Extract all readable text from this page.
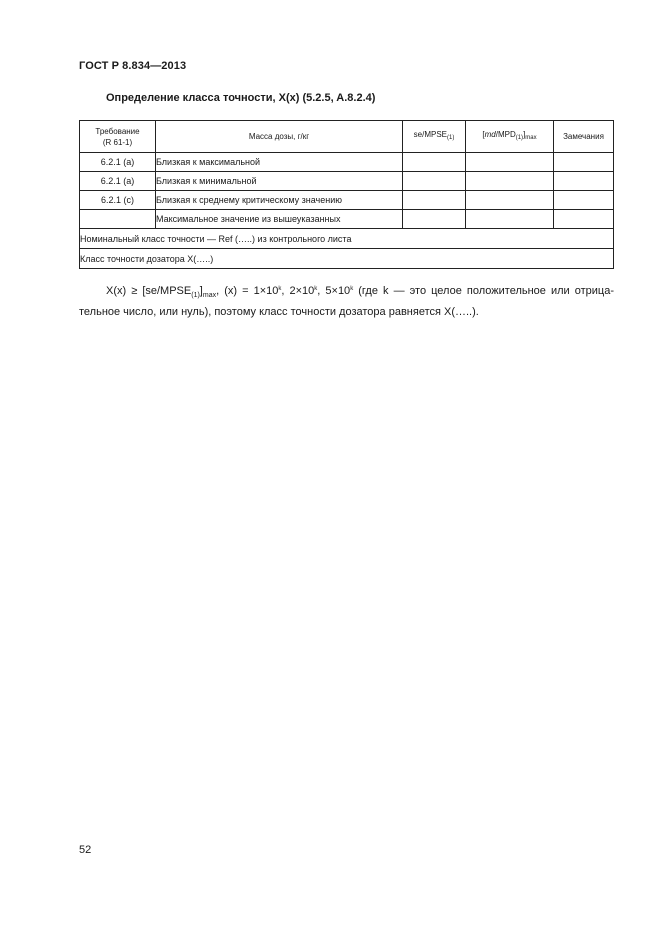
ГОСТ Р 8.834—2013
Определение класса точности, X(x) (5.2.5, A.8.2.4)
Требование
(R 61-1)	Масса дозы, г/кг	$se/MPSE_{(1)}$	$[md/MPD_{(1)}]_{max}$	Замечания
6.2.1 (a)	Близкая к максимальной			
6.2.1 (a)	Близкая к минимальной			
6.2.1 (c)	Близкая к среднему критическому значению			
	Максимальное значение из вышеуказанных			
Номинальный класс точности — Ref (…..) из контрольного листа				
Класс точности дозатора X(…..)				
$X(x) \ge [se/MPSE_{(1)}]_{max}$, $(x) = 1\times 10^k$, $2\times 10^k$, $5\times 10^k$ (где k — это целое положительное или отрица-
тельное число, или нуль), поэтому класс точности дозатора равняется X(…..).
52
